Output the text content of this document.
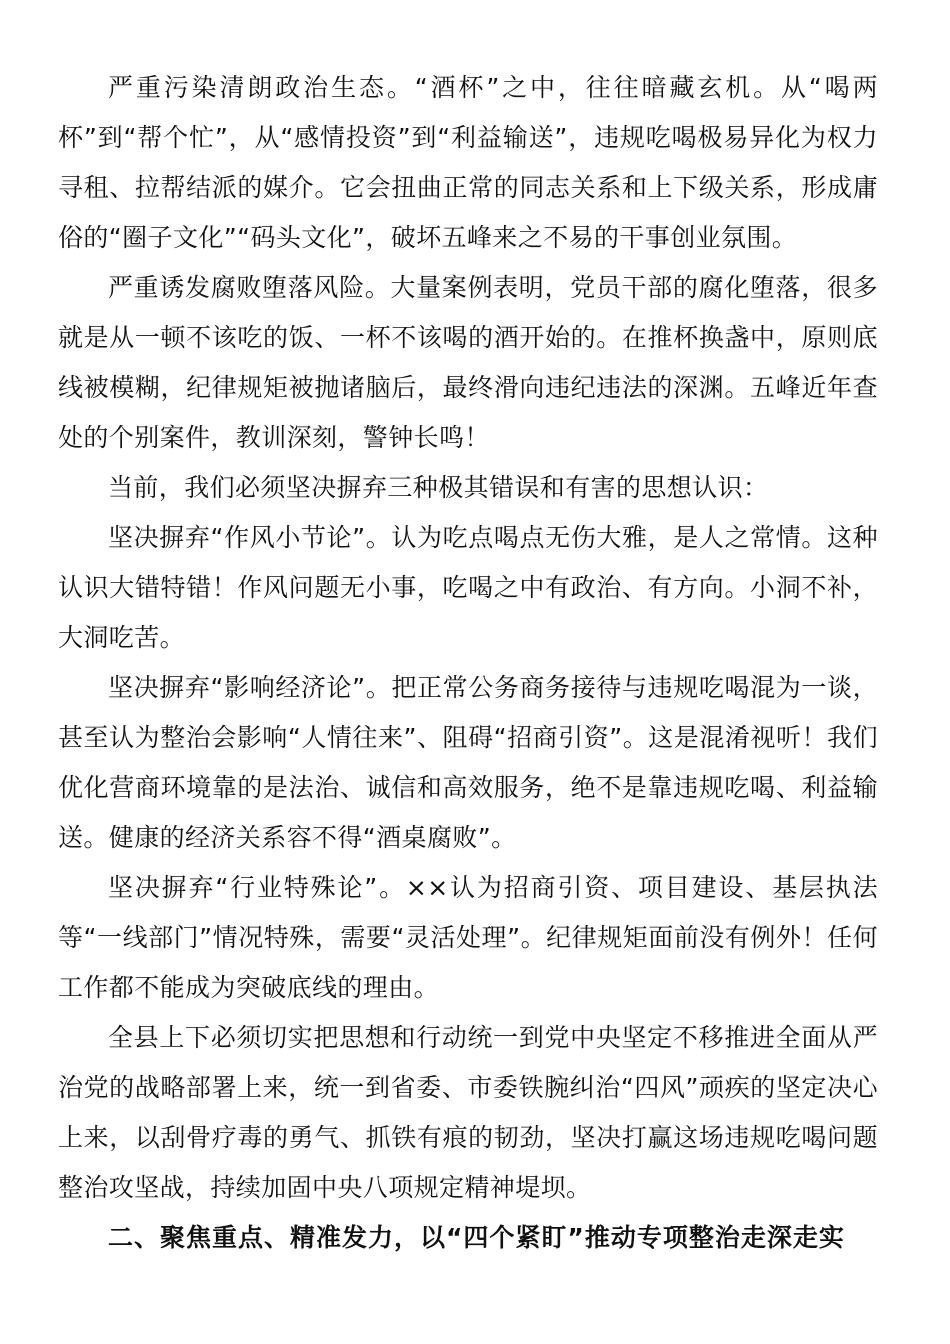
严重污染清朗政治生态。“酒杯”之中，往往暗藏玄机。从“喝两杯”到“帮个忙”，从“感情投资”到“利益输送”，违规吃喝极易异化为权力寻租、拉帮结派的媒介。它会扭曲正常的同志关系和上下级关系，形成庸俗的“圈子文化”“码头文化”，破坏五峰来之不易的干事创业氛围。

严重诱发腐败堕落风险。大量案例表明，党员干部的腐化堕落，很多就是从一顿不该吃的饭、一杯不该喝的酒开始的。在推杯换盏中，原则底线被模糊，纪律规矩被抛诸脑后，最终滑向违纪违法的深渊。五峰近年查处的个别案件，教训深刻，警钟长鸣！

当前，我们必须坚决摒弃三种极其错误和有害的思想认识：

坚决摒弃“作风小节论”。认为吃点喝点无伤大雅，是人之常情。这种认识大错特错！作风问题无小事，吃喝之中有政治、有方向。小洞不补，大洞吃苦。

坚决摒弃“影响经济论”。把正常公务商务接待与违规吃喝混为一谈，甚至认为整治会影响“人情往来”、阻碍“招商引资”。这是混淆视听！我们优化营商环境靠的是法治、诚信和高效服务，绝不是靠违规吃喝、利益输送。健康的经济关系容不得“酒桌腐败”。

坚决摒弃“行业特殊论”。××认为招商引资、项目建设、基层执法等“一线部门”情况特殊，需要“灵活处理”。纪律规矩面前没有例外！任何工作都不能成为突破底线的理由。

全县上下必须切实把思想和行动统一到党中央坚定不移推进全面从严治党的战略部署上来，统一到省委、市委铁腕纠治“四风”顽疾的坚定决心上来，以刮骨疗毒的勇气、抓铁有痕的韧劲，坚决打赢这场违规吃喝问题整治攻坚战，持续加固中央八项规定精神堤坝。

二、聚焦重点、精准发力，以“四个紧盯”推动专项整治走深走实
